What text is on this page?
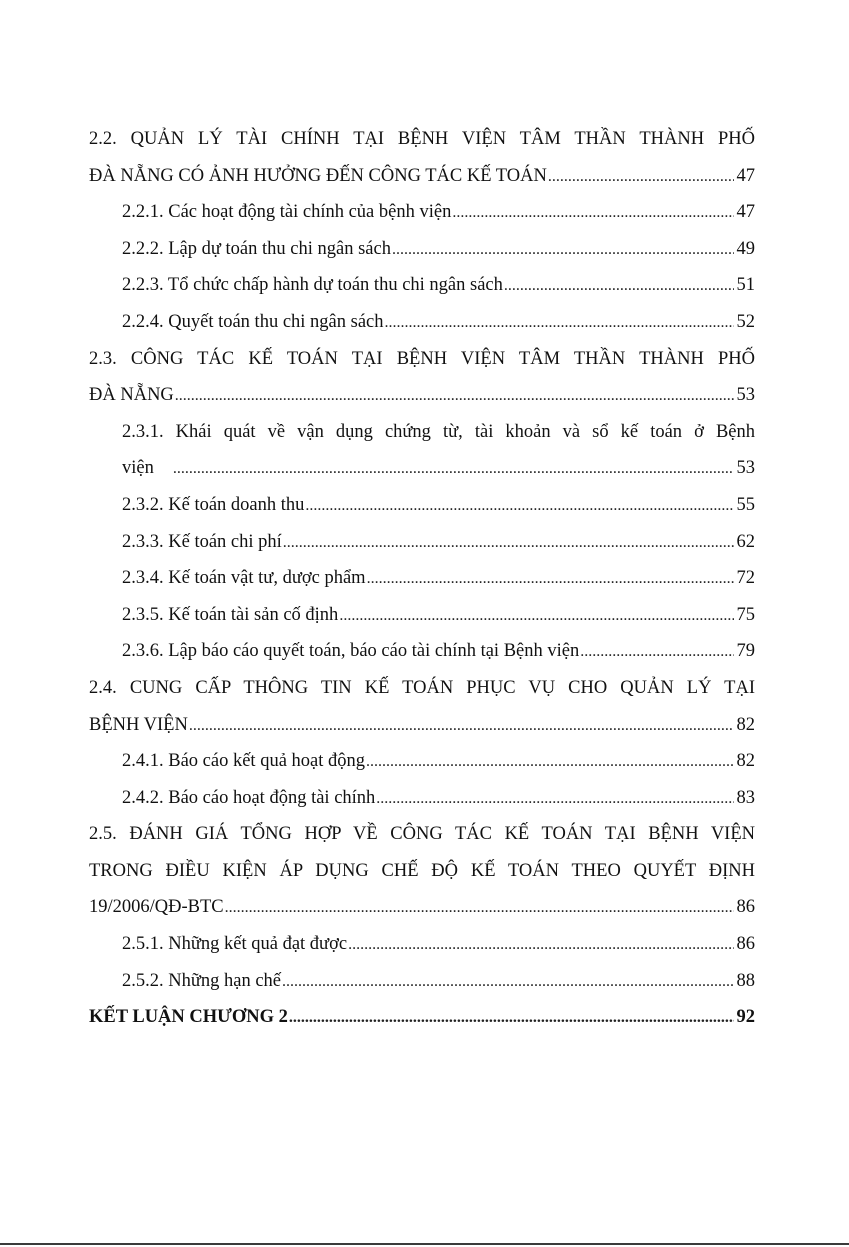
2.2. QUẢN LÝ TÀI CHÍNH TẠI BỆNH VIỆN TÂM THẦN THÀNH PHỐ
ĐÀ NẴNG CÓ ẢNH HƯỞNG ĐẾN CÔNG TÁC KẾ TOÁN .....	47
2.2.1. Các hoạt động tài chính của bệnh viện .....	47
2.2.2. Lập dự toán thu chi ngân sách .....	49
2.2.3. Tổ chức chấp hành dự toán thu chi ngân sách .....	51
2.2.4. Quyết toán thu chi ngân sách .....	52
2.3. CÔNG TÁC KẾ TOÁN TẠI BỆNH VIỆN TÂM THẦN THÀNH PHỐ
ĐÀ NẴNG .....	53
2.3.1. Khái quát về vận dụng chứng từ, tài khoản và sổ kế toán ở Bệnh
viện .....	53
2.3.2. Kế toán doanh thu .....	55
2.3.3. Kế toán chi phí .....	62
2.3.4. Kế toán vật tư, dược phẩm .....	72
2.3.5. Kế toán tài sản cố định .....	75
2.3.6. Lập báo cáo quyết toán, báo cáo tài chính tại Bệnh viện .....	79
2.4. CUNG CẤP THÔNG TIN KẾ TOÁN PHỤC VỤ CHO QUẢN LÝ TẠI
BỆNH VIỆN .....	82
2.4.1. Báo cáo kết quả hoạt động .....	82
2.4.2. Báo cáo hoạt động tài chính .....	83
2.5. ĐÁNH GIÁ TỔNG HỢP VỀ CÔNG TÁC KẾ TOÁN TẠI BỆNH VIỆN
TRONG ĐIỀU KIỆN ÁP DỤNG CHẾ ĐỘ KẾ TOÁN THEO QUYẾT ĐỊNH
19/2006/QĐ-BTC .....	86
2.5.1. Những kết quả đạt được .....	86
2.5.2. Những hạn chế .....	88
KẾT LUẬN CHƯƠNG 2 .....	92
